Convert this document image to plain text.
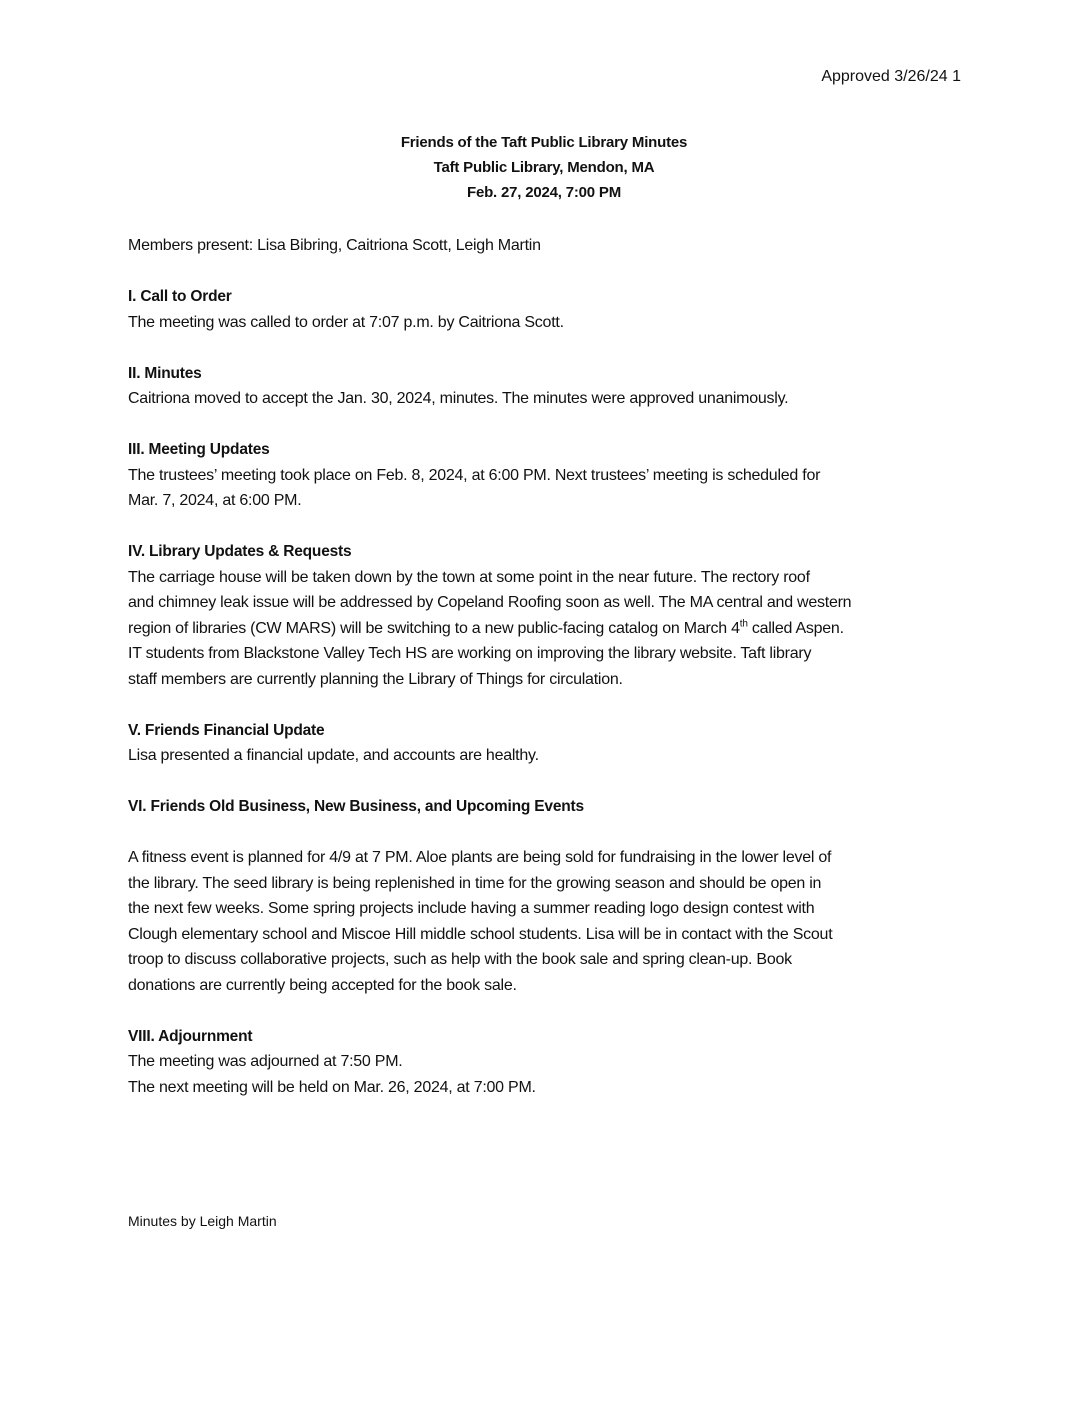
Approved 3/26/24 1
Friends of the Taft Public Library Minutes
Taft Public Library, Mendon, MA
Feb. 27, 2024, 7:00 PM

Members present: Lisa Bibring, Caitriona Scott, Leigh Martin

I. Call to Order

The meeting was called to order at 7:07 p.m. by Caitriona Scott.

II. Minutes

Caitriona moved to accept the Jan. 30, 2024, minutes. The minutes were approved unanimously.

III. Meeting Updates

The trustees’ meeting took place on Feb. 8, 2024, at 6:00 PM. Next trustees’ meeting is scheduled for
Mar. 7, 2024, at 6:00 PM.

IV. Library Updates & Requests

The carriage house will be taken down by the town at some point in the near future. The rectory roof
and chimney leak issue will be addressed by Copeland Roofing soon as well. The MA central and western
region of libraries (CW MARS) will be switching to a new public-facing catalog on March 4th called Aspen.
IT students from Blackstone Valley Tech HS are working on improving the library website. Taft library
staff members are currently planning the Library of Things for circulation.

V. Friends Financial Update

Lisa presented a financial update, and accounts are healthy.

VI. Friends Old Business, New Business, and Upcoming Events

A fitness event is planned for 4/9 at 7 PM. Aloe plants are being sold for fundraising in the lower level of
the library. The seed library is being replenished in time for the growing season and should be open in
the next few weeks. Some spring projects include having a summer reading logo design contest with
Clough elementary school and Miscoe Hill middle school students. Lisa will be in contact with the Scout
troop to discuss collaborative projects, such as help with the book sale and spring clean-up. Book
donations are currently being accepted for the book sale.

VIII. Adjournment

The meeting was adjourned at 7:50 PM.
The next meeting will be held on Mar. 26, 2024, at 7:00 PM.
Minutes by Leigh Martin
